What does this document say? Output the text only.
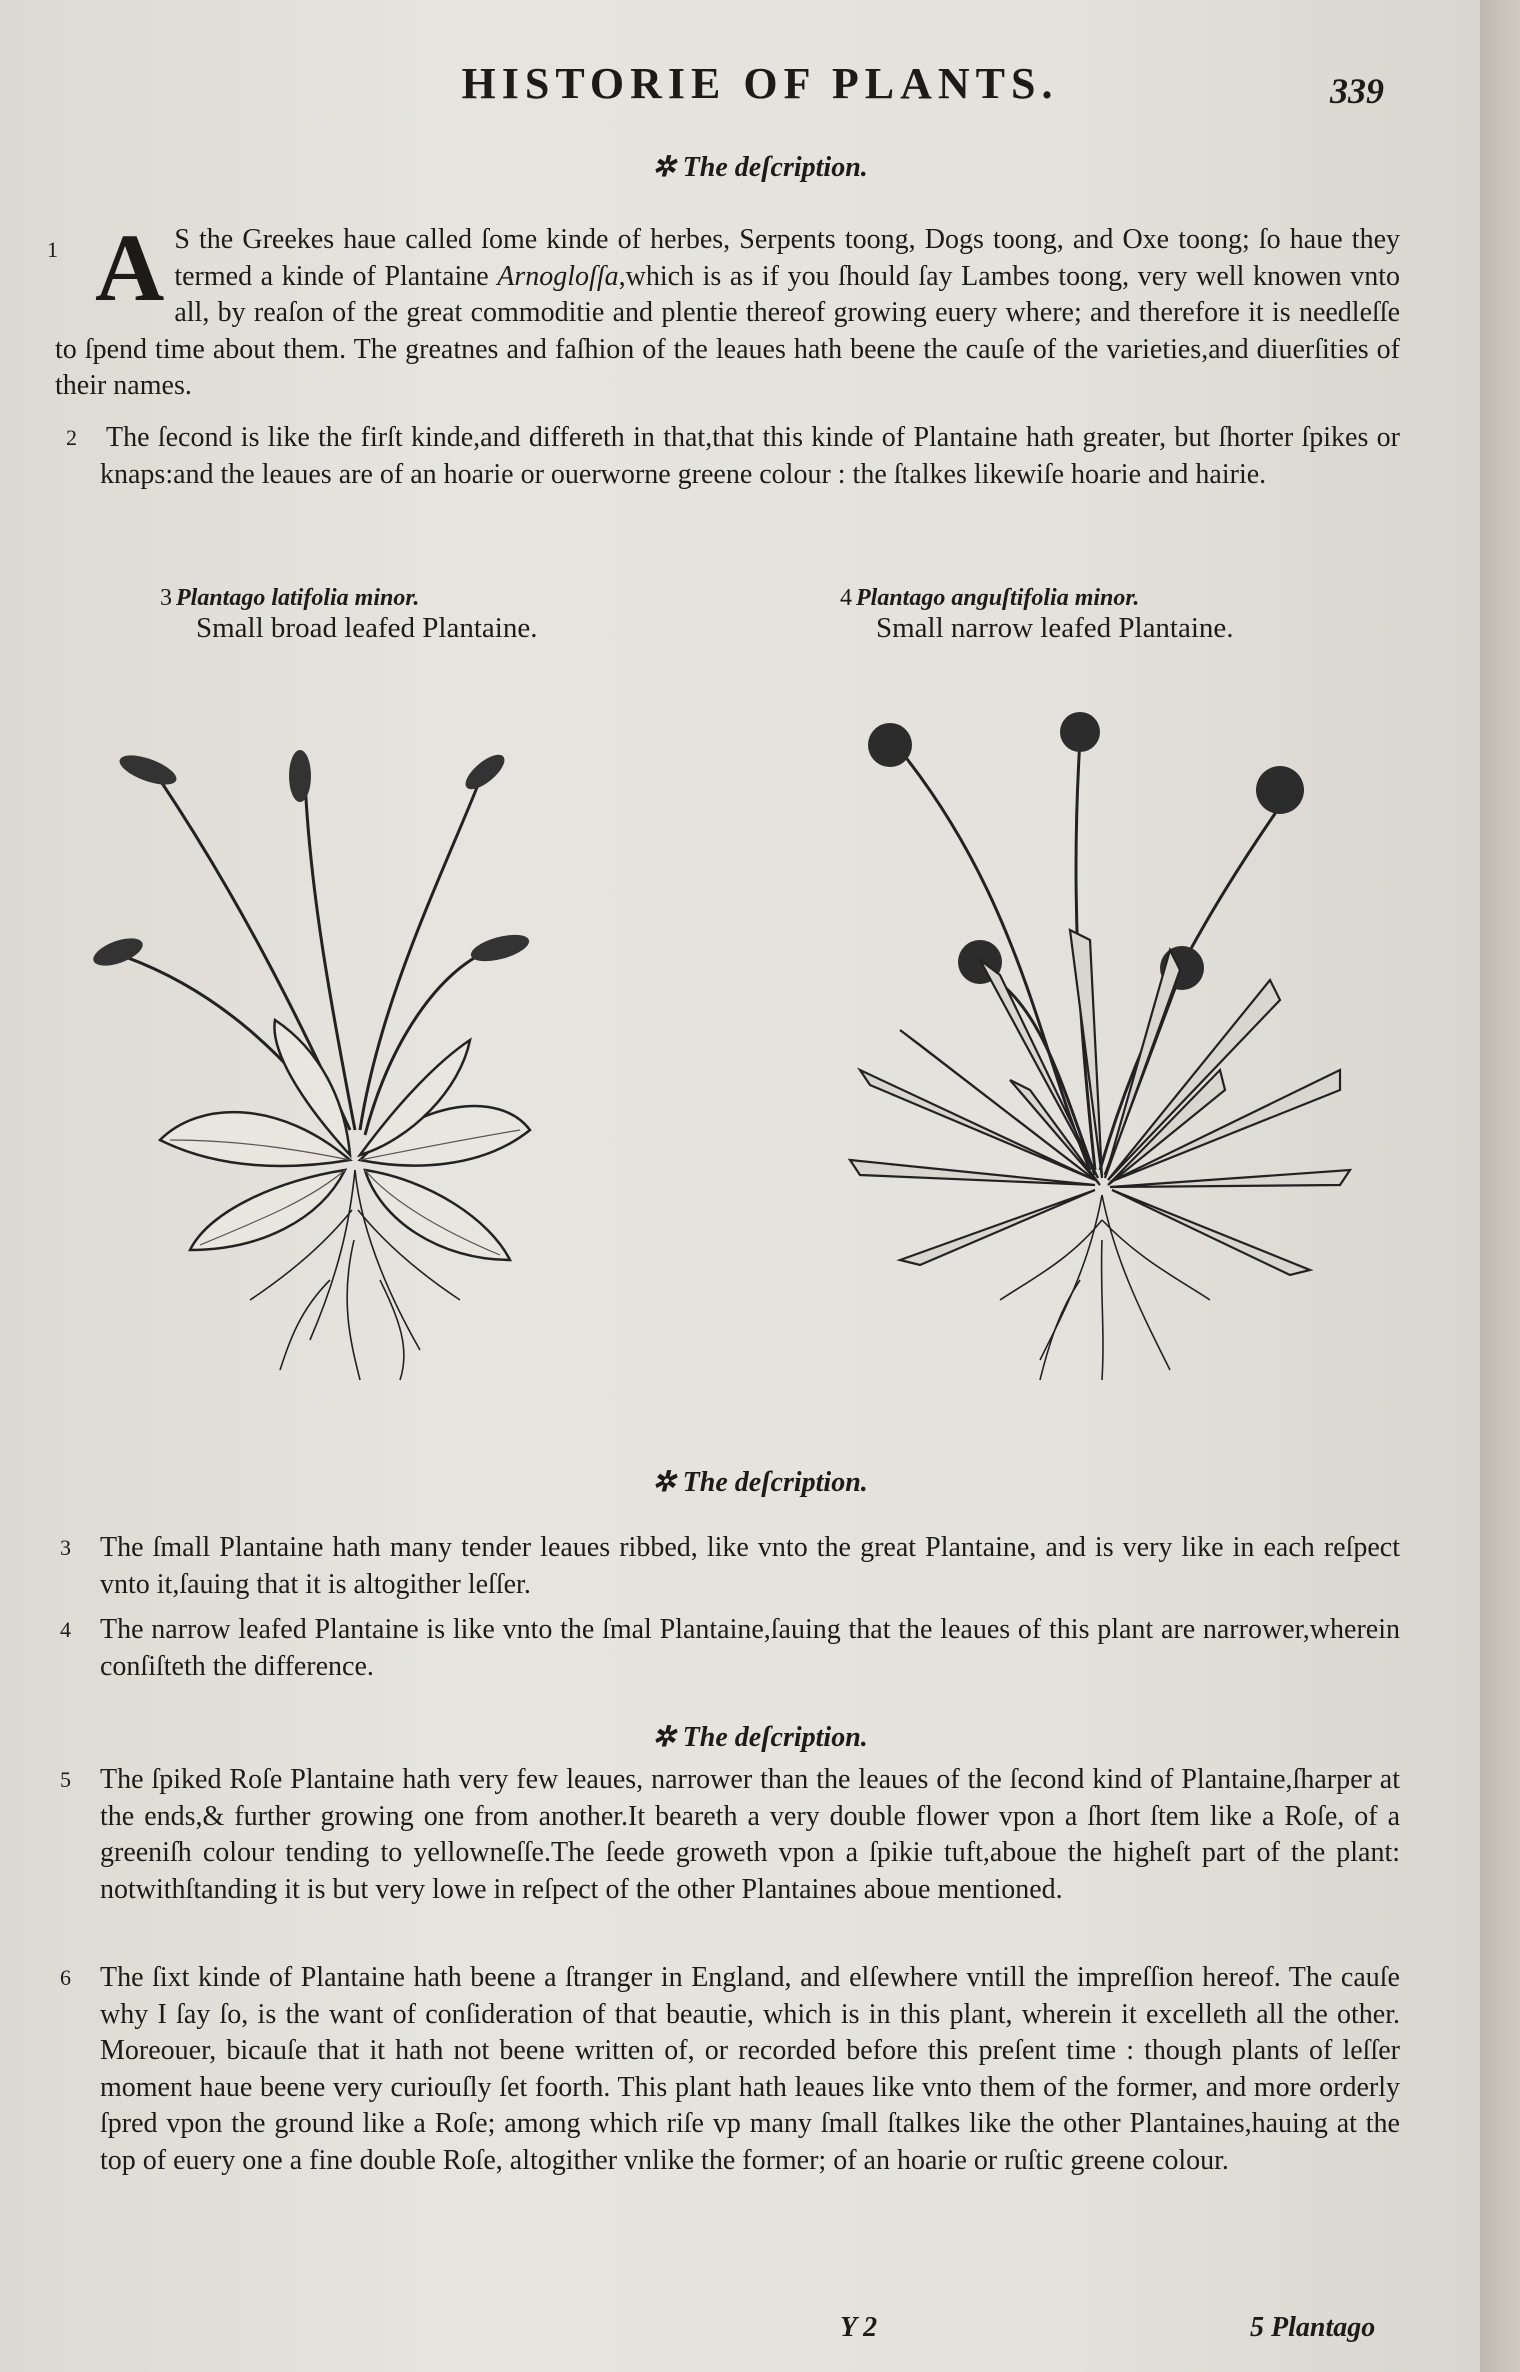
HISTORIE OF PLANTS.	339
✲ The deſcription.
1 A S the Greekes haue called ſome kinde of herbes, Serpents toong, Dogs toong, and Oxe toong; ſo haue they termed a kinde of Plantaine Arnogloſſa,which is as if you ſhould ſay Lambes toong, very well knowen vnto all, by reaſon of the great commoditie and plentie thereof growing euery where; and therefore it is needleſſe to ſpend time about them. The greatnes and faſhion of the leaues hath beene the cauſe of the varieties,and diuerſities of their names.
2 The ſecond is like the firſt kinde,and differeth in that,that this kinde of Plantaine hath greater, but ſhorter ſpikes or knaps:and the leaues are of an hoarie or ouerworne greene colour : the ſtalkes likewiſe hoarie and hairie.
3 Plantago latifolia minor.
Small broad leafed Plantaine.
4 Plantago anguſtifolia minor.
Small narrow leafed Plantaine.
✲ The deſcription.
3 The ſmall Plantaine hath many tender leaues ribbed, like vnto the great Plantaine, and is very like in each reſpect vnto it,ſauing that it is altogither leſſer.
4 The narrow leafed Plantaine is like vnto the ſmal Plantaine,ſauing that the leaues of this plant are narrower,wherein conſiſteth the difference.
✲ The deſcription.
5 The ſpiked Roſe Plantaine hath very few leaues, narrower than the leaues of the ſecond kind of Plantaine,ſharper at the ends,& further growing one from another.It beareth a very double flower vpon a ſhort ſtem like a Roſe, of a greeniſh colour tending to yellowneſſe.The ſeede groweth vpon a ſpikie tuft,aboue the higheſt part of the plant: notwithſtanding it is but very lowe in reſpect of the other Plantaines aboue mentioned.
6 The ſixt kinde of Plantaine hath beene a ſtranger in England, and elſewhere vntill the impreſſion hereof. The cauſe why I ſay ſo, is the want of conſideration of that beautie, which is in this plant, wherein it excelleth all the other. Moreouer, bicauſe that it hath not beene written of, or recorded before this preſent time : though plants of leſſer moment haue beene very curiouſly ſet foorth. This plant hath leaues like vnto them of the former, and more orderly ſpred vpon the ground like a Roſe; among which riſe vp many ſmall ſtalkes like the other Plantaines,hauing at the top of euery one a fine double Roſe, altogither vnlike the former; of an hoarie or ruſtic greene colour.
Y 2	5 Plantago
